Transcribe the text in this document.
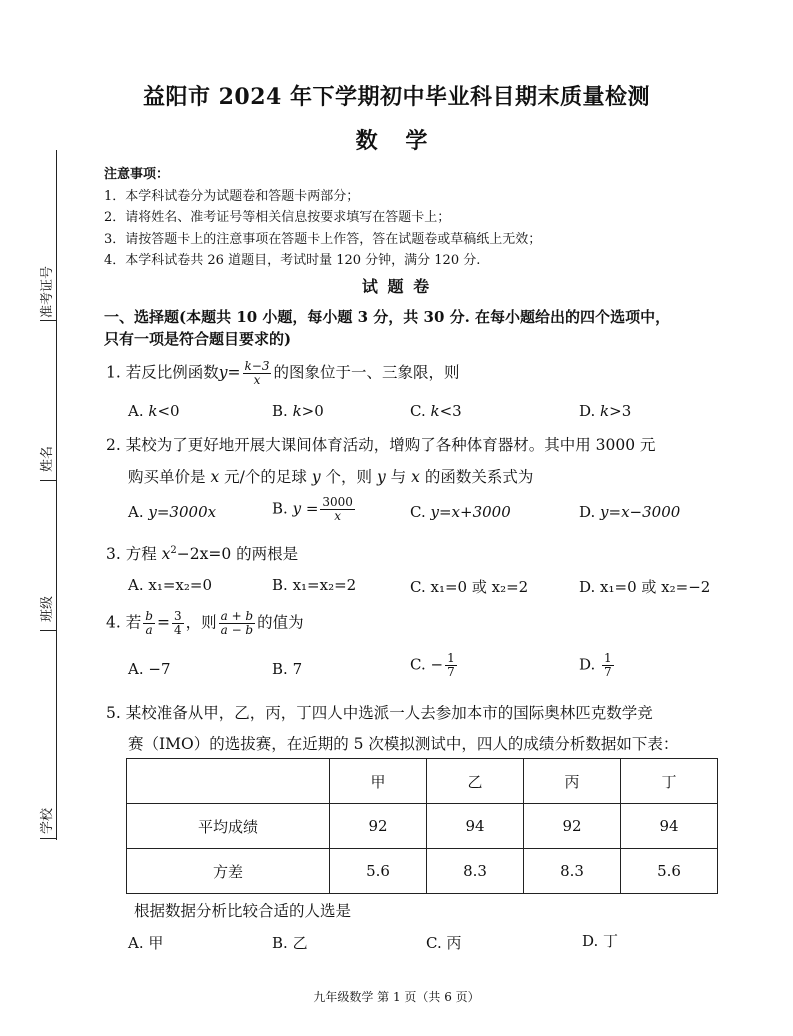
准考证号
姓名
班级
学校
益阳市 2024 年下学期初中毕业科目期末质量检测
数 学
注意事项：
1．本学科试卷分为试题卷和答题卡两部分；
2．请将姓名、准考证号等相关信息按要求填写在答题卡上；
3．请按答题卡上的注意事项在答题卡上作答，答在试题卷或草稿纸上无效；
4．本学科试卷共 26 道题目，考试时量 120 分钟，满分 120 分.
试 题 卷
一、选择题(本题共 10 小题，每小题 3 分，共 30 分. 在每小题给出的四个选项中，
只有一项是符合题目要求的)
1. 若反比例函数$y= \frac{k-3}{x}$ 的图象位于一、三象限，则
A. k<0	B. k>0	C. k<3	D. k>3
2. 某校为了更好地开展大课间体育活动，增购了各种体育器材。其中用 3000 元
购买单价是 x 元/个的足球 y 个，则 y 与 x 的函数关系式为
A. y=3000x	B. $y = \frac{3000}{x}$	C. y=x+3000	D. y=x−3000
3. 方程 $x^2-2x=0$ 的两根是
A. x₁=x₂=0	B. x₁=x₂=2	C. x₁=0 或 x₂=2	D. x₁=0 或 x₂=−2
4. 若 $\frac{b}{a} = \frac{3}{4}$ ，则 $\frac{a + b}{a - b}$ 的值为
A. −7	B. 7	C. − $\frac{1}{7}$	D. $\frac{1}{7}$
5. 某校准备从甲，乙，丙，丁四人中选派一人去参加本市的国际奥林匹克数学竞
赛（IMO）的选拔赛，在近期的 5 次模拟测试中，四人的成绩分析数据如下表：
	甲	乙	丙	丁
平均成绩	92	94	92	94
方差	5.6	8.3	8.3	5.6
根据数据分析比较合适的人选是
A. 甲	B. 乙	C. 丙	D. 丁
九年级数学 第 1 页（共 6 页）
